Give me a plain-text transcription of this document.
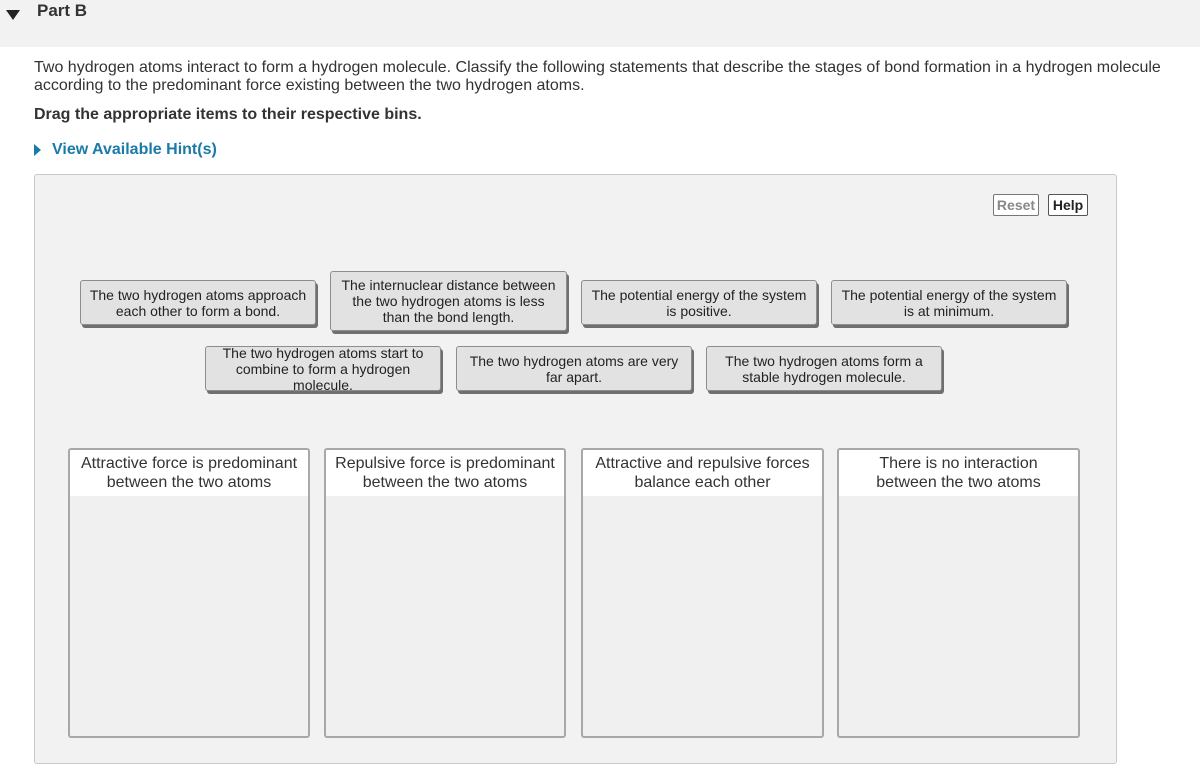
Part B
Two hydrogen atoms interact to form a hydrogen molecule. Classify the following statements that describe the stages of bond formation in a hydrogen molecule according to the predominant force existing between the two hydrogen atoms.
Drag the appropriate items to their respective bins.
View Available Hint(s)
Reset	Help
The two hydrogen atoms approach each other to form a bond.
The internuclear distance between the two hydrogen atoms is less than the bond length.
The potential energy of the system is positive.
The potential energy of the system is at minimum.
The two hydrogen atoms start to combine to form a hydrogen molecule.
The two hydrogen atoms are very far apart.
The two hydrogen atoms form a stable hydrogen molecule.
Attractive force is predominant between the two atoms
Repulsive force is predominant between the two atoms
Attractive and repulsive forces balance each other
There is no interaction between the two atoms
